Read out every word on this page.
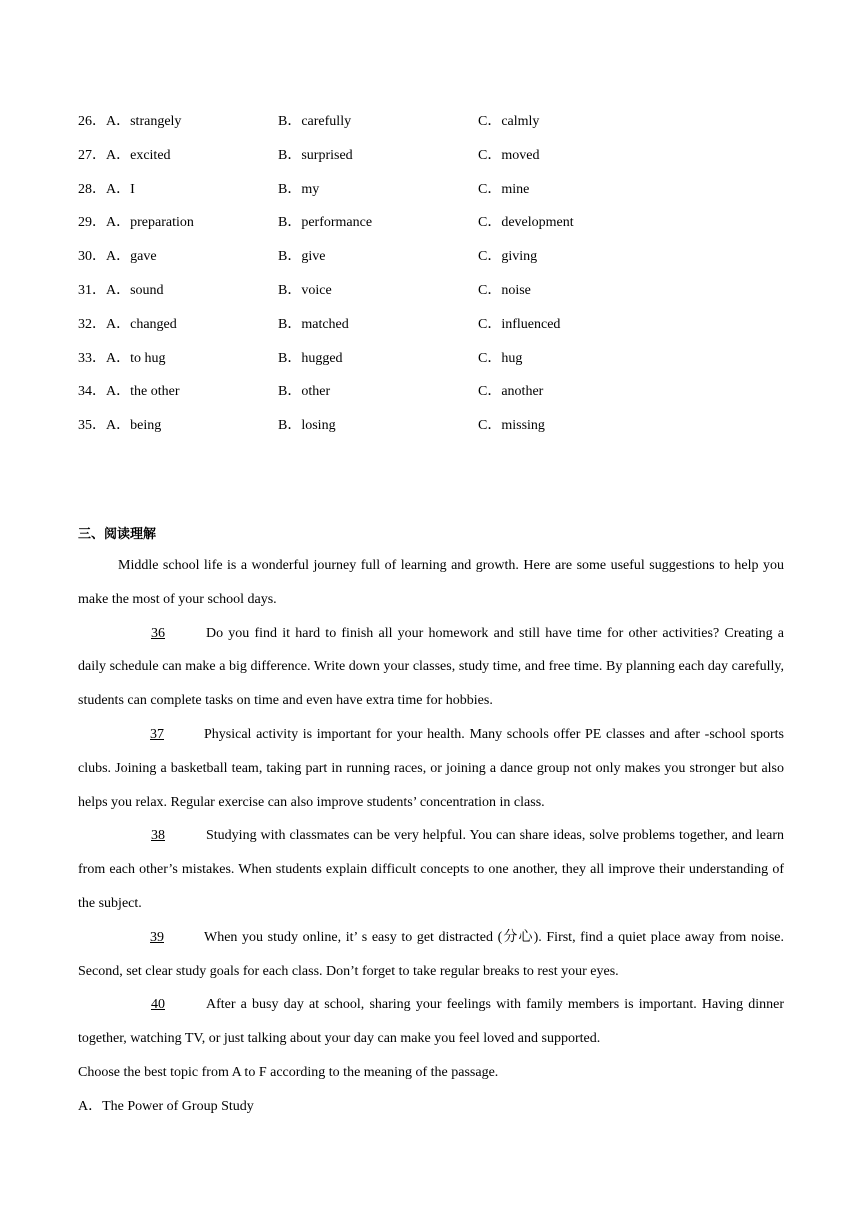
26．A．strangely	B．carefully	C．calmly
27．A．excited	B．surprised	C．moved
28．A．I	B．my	C．mine
29．A．preparation	B．performance	C．development
30．A．gave	B．give	C．giving
31．A．sound	B．voice	C．noise
32．A．changed	B．matched	C．influenced
33．A．to hug	B．hugged	C．hug
34．A．the other	B．other	C．another
35．A．being	B．losing	C．missing
三、阅读理解

Middle school life is a wonderful journey full of learning and growth. Here are some useful suggestions to help you make the most of your school days.

36	Do you find it hard to finish all your homework and still have time for other activities? Creating a daily schedule can make a big difference. Write down your classes, study time, and free time. By planning each day carefully, students can complete tasks on time and even have extra time for hobbies.

37	Physical activity is important for your health. Many schools offer PE classes and after -school sports clubs. Joining a basketball team, taking part in running races, or joining a dance group not only makes you stronger but also helps you relax. Regular exercise can also improve students’ concentration in class.

38	Studying with classmates can be very helpful. You can share ideas, solve problems together, and learn from each other’s mistakes. When students explain difficult concepts to one another, they all improve their understanding of the subject.

39	When you study online, it’ s easy to get distracted (分心). First, find a quiet place away from noise. Second, set clear study goals for each class. Don’t forget to take regular breaks to rest your eyes.

40	After a busy day at school, sharing your feelings with family members is important. Having dinner together, watching TV, or just talking about your day can make you feel loved and supported.

Choose the best topic from A to F according to the meaning of the passage.

A．The Power of Group Study
